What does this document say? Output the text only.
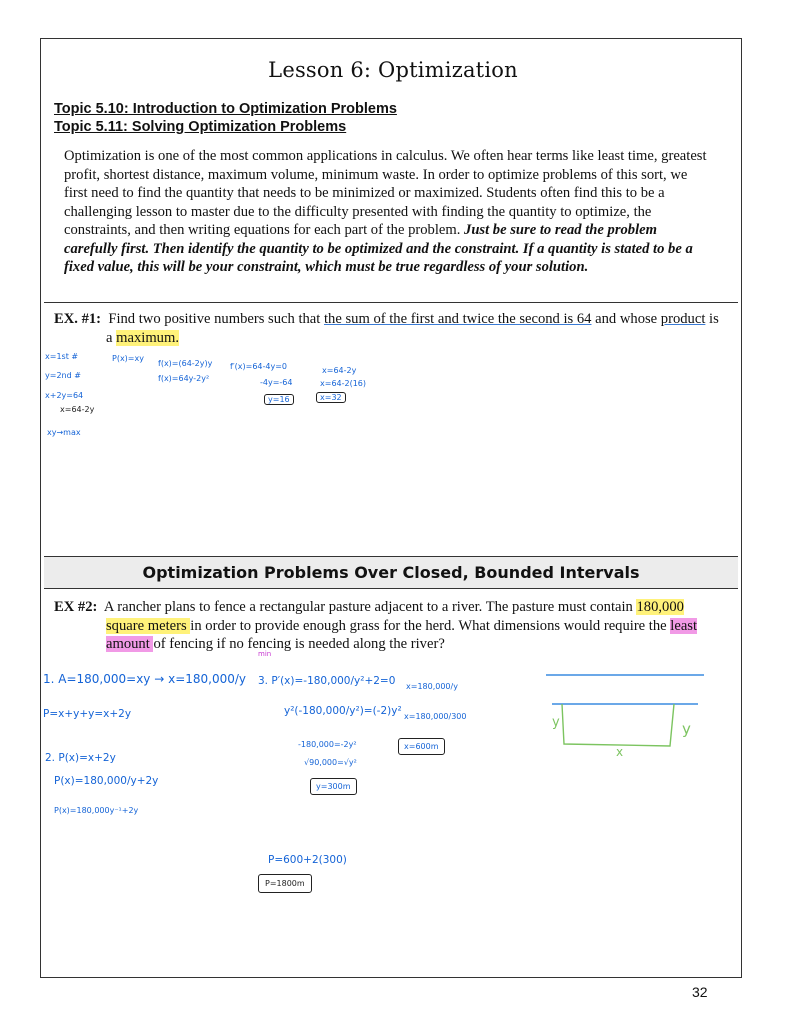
Lesson 6: Optimization
Topic 5.10: Introduction to Optimization Problems
Topic 5.11: Solving Optimization Problems
Optimization is one of the most common applications in calculus. We often hear terms like least time, greatest profit, shortest distance, maximum volume, minimum waste. In order to optimize problems of this sort, we first need to find the quantity that needs to be minimized or maximized. Students often find this to be a challenging lesson to master due to the difficulty presented with finding the quantity to optimize, the constraints, and then writing equations for each part of the problem. Just be sure to read the problem carefully first. Then identify the quantity to be optimized and the constraint. If a quantity is stated to be a fixed value, this will be your constraint, which must be true regardless of your solution.
EX. #1: Find two positive numbers such that the sum of the first and twice the second is 64 and whose product is a maximum.
x=1st #
y=2nd #
x+2y=64
x=64-2y
xy→max
P(x)=xy
f(x)=(64-2y)y
f(x)=64y-2y²
f′(x)=64-4y=0
-4y=-64
y=16
x=64-2y
x=64-2(16)
x=32
Optimization Problems Over Closed, Bounded Intervals
EX #2: A rancher plans to fence a rectangular pasture adjacent to a river. The pasture must contain 180,000 square meters in order to provide enough grass for the herd. What dimensions would require the least amount of fencing if no fencing is needed along the river?
min
1. A=180,000=xy → x=180,000/y
P=x+y+y=x+2y
2. P(x)=x+2y
P(x)=180,000/y+2y
P(x)=180,000y⁻¹+2y
3. P′(x)=-180,000/y²+2=0
y²(-180,000/y²)=(-2)y²
-180,000=-2y²
√90,000=√y²
y=300m
x=180,000/y
x=180,000/300
x=600m
P=600+2(300)
P=1800m
y	y
x
32
